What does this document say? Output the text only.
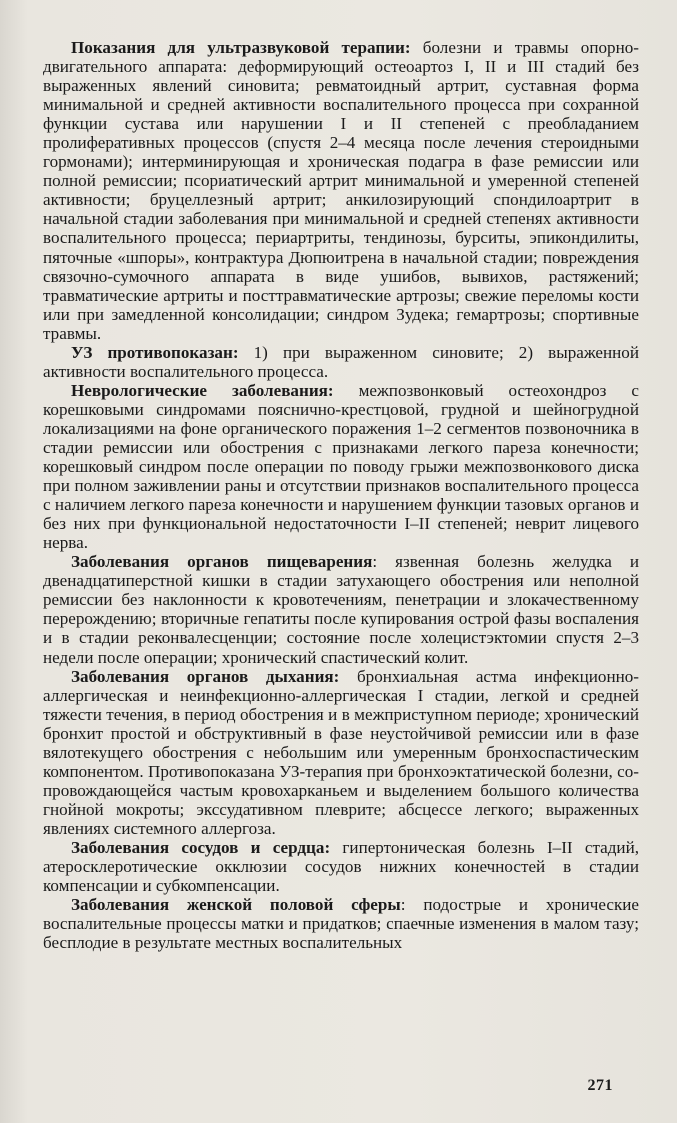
Показания для ультразвуковой терапии: болезни и травмы опорно-двигательного аппарата: деформирующий остеоартоз I, II и III стадий без выраженных явлений синовита; ревматоидный артрит, суставная форма минимальной и средней активности воспалительного процесса при сохранной функции сустава или нарушении I и II степеней с преобладанием пролиферативных процессов (спустя 2–4 месяца после лечения стероидными гормонами); интерминирующая и хроническая подагра в фазе ремиссии или полной ремиссии; псориатический артрит минимальной и умеренной степеней активности; бруцеллезный артрит; анкилозирующий спондилоартрит в начальной стадии заболевания при минимальной и средней степенях активности воспалительного процесса; периартриты, тендинозы, бурситы, эпикондилиты, пяточные «шпоры», контрактура Дюпюитрена в начальной стадии; повреждения связочно-сумочного аппарата в виде ушибов, вывихов, растяжений; травматические артриты и посттравматические артрозы; свежие переломы кости или при замедленной консолидации; синдром Зудека; гемартрозы; спортивные травмы.

УЗ противопоказан: 1) при выраженном синовите; 2) выраженной активности воспалительного процесса.

Неврологические заболевания: межпозвонковый остеохондроз с корешковыми синдромами пояснично-крестцовой, грудной и шейногрудной локализациями на фоне органического поражения 1–2 сегментов позвоночника в стадии ремиссии или обострения с признаками легкого пареза конечности; корешковый синдром после операции по поводу грыжи межпозвонкового диска при полном заживлении раны и отсутствии признаков воспалительного процесса с наличием легкого пареза конечности и нарушением функции тазовых органов и без них при функциональной недостаточности I–II степеней; неврит лицевого нерва.

Заболевания органов пищеварения: язвенная болезнь желудка и двенадцатиперстной кишки в стадии затухающего обострения или неполной ремиссии без наклонности к кровотечениям, пенетрации и злокачественному перерождению; вторичные гепатиты после купирования острой фазы воспаления и в стадии реконвалесценции; состояние после холецистэктомии спустя 2–3 недели после операции; хронический спастический колит.

Заболевания органов дыхания: бронхиальная астма инфекционно-аллергическая и неинфекционно-аллергическая I стадии, легкой и средней тяжести течения, в период обострения и в межприступном периоде; хронический бронхит простой и обструктивный в фазе неустойчивой ремиссии или в фазе вялотекущего обострения с небольшим или умеренным бронхоспастическим компонентом. Противопоказана УЗ-терапия при бронхоэктатической болезни, сопровождающейся частым кровохарканьем и выделением большого количества гнойной мокроты; экссудативном плеврите; абсцессе легкого; выраженных явлениях системного аллергоза.

Заболевания сосудов и сердца: гипертоническая болезнь I–II стадий, атеросклеротические окклюзии сосудов нижних конечностей в стадии компенсации и субкомпенсации.

Заболевания женской половой сферы: подострые и хронические воспалительные процессы матки и придатков; спаечные изменения в малом тазу; бесплодие в результате местных воспалительных

271
